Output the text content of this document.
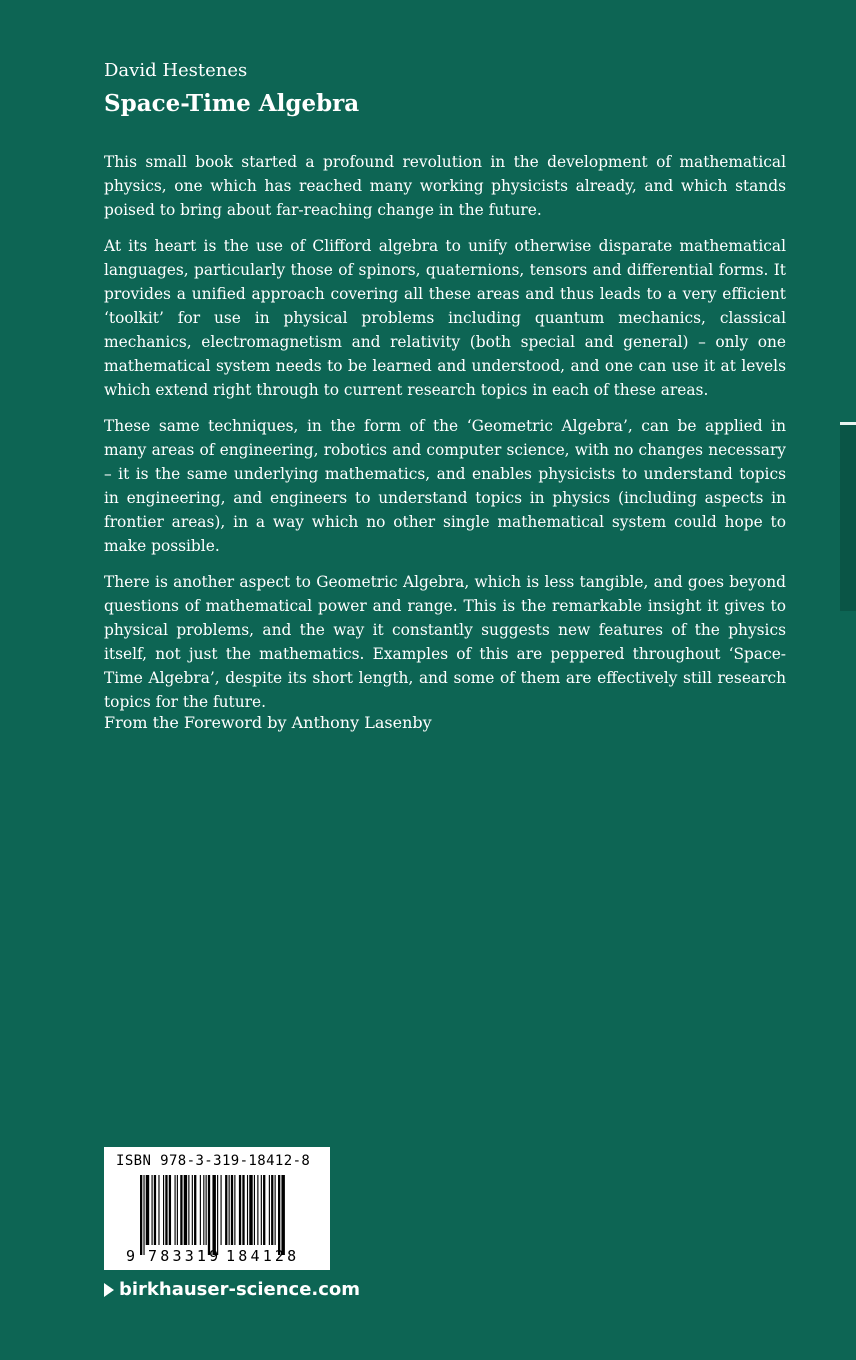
David Hestenes
Space-Time Algebra

This small book started a profound revolution in the development of mathematical physics, one which has reached many working physicists already, and which stands poised to bring about far-reaching change in the future.

At its heart is the use of Clifford algebra to unify otherwise disparate mathematical languages, particularly those of spinors, quaternions, tensors and differential forms. It provides a unified approach covering all these areas and thus leads to a very efficient ‘toolkit’ for use in physical problems including quantum mechanics, classical mechanics, electromagnetism and relativity (both special and general) – only one mathematical system needs to be learned and understood, and one can use it at levels which extend right through to current research topics in each of these areas.

These same techniques, in the form of the ‘Geometric Algebra’, can be applied in many areas of engineering, robotics and computer science, with no changes necessary – it is the same underlying mathematics, and enables physicists to understand topics in engineering, and engineers to understand topics in physics (including aspects in frontier areas), in a way which no other single mathematical system could hope to make possible.

There is another aspect to Geometric Algebra, which is less tangible, and goes beyond questions of mathematical power and range. This is the remarkable insight it gives to physical problems, and the way it constantly suggests new features of the physics itself, not just the mathematics. Examples of this are peppered throughout ‘Space-Time Algebra’, despite its short length, and some of them are effectively still research topics for the future.

From the Foreword by Anthony Lasenby
ISBN 978-3-319-18412-8
9 783319 184128
birkhauser-science.com
